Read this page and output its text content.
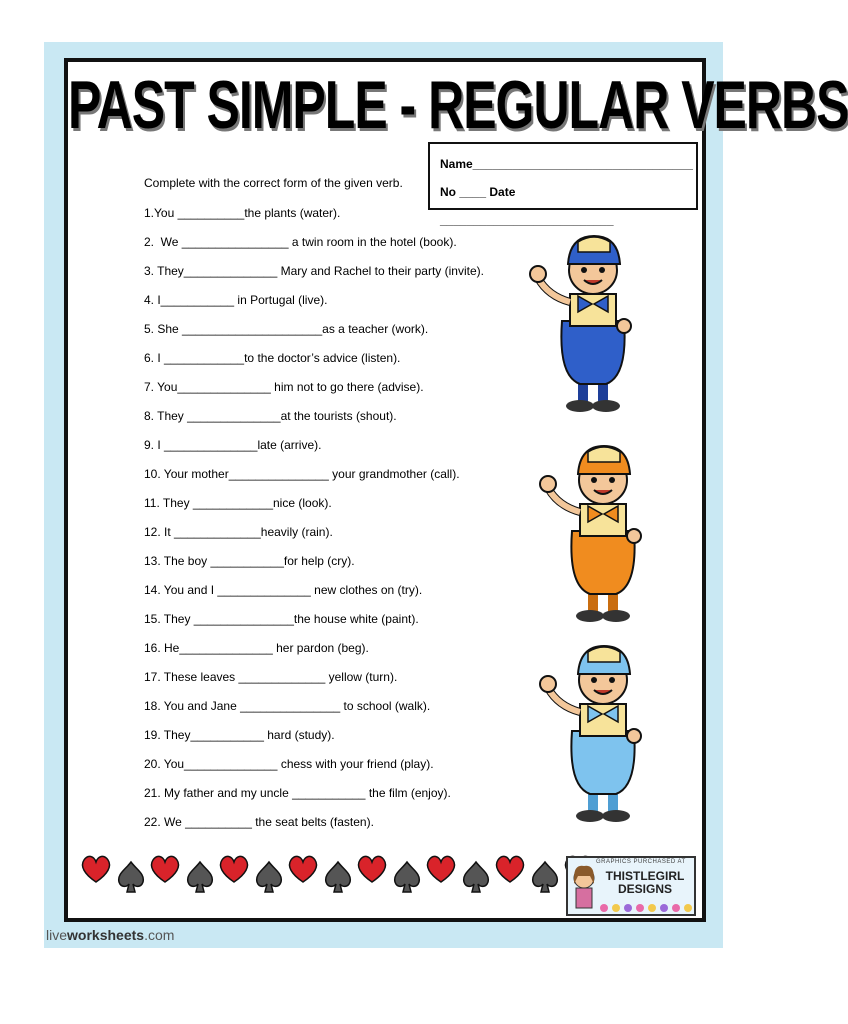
PAST SIMPLE - REGULAR VERBS
Name_________________________________
No ____ Date __________________________
Complete with the correct form of the given verb.
1.You __________the plants (water).
2.  We ________________ a twin room in the hotel (book).
3. They______________ Mary and Rachel to their party (invite).
4. I___________ in Portugal (live).
5. She _____________________as a teacher (work).
6. I ____________to the doctor’s advice (listen).
7. You______________ him not to go there (advise).
8. They ______________at the tourists (shout).
9. I ______________late (arrive).
10. Your mother_______________ your grandmother (call).
11. They ____________nice (look).
12. It _____________heavily (rain).
13. The boy ___________for help (cry).
14. You and I ______________ new clothes on (try).
15. They _______________the house white (paint).
16. He______________ her pardon (beg).
17. These leaves _____________ yellow (turn).
18. You and Jane _______________ to school (walk).
19. They___________ hard (study).
20. You______________ chess with your friend (play).
21. My father and my uncle ___________ the film (enjoy).
22. We __________ the seat belts (fasten).
GRAPHICS PURCHASED AT
THISTLEGIRL
DESIGNS
liveworksheets.com
